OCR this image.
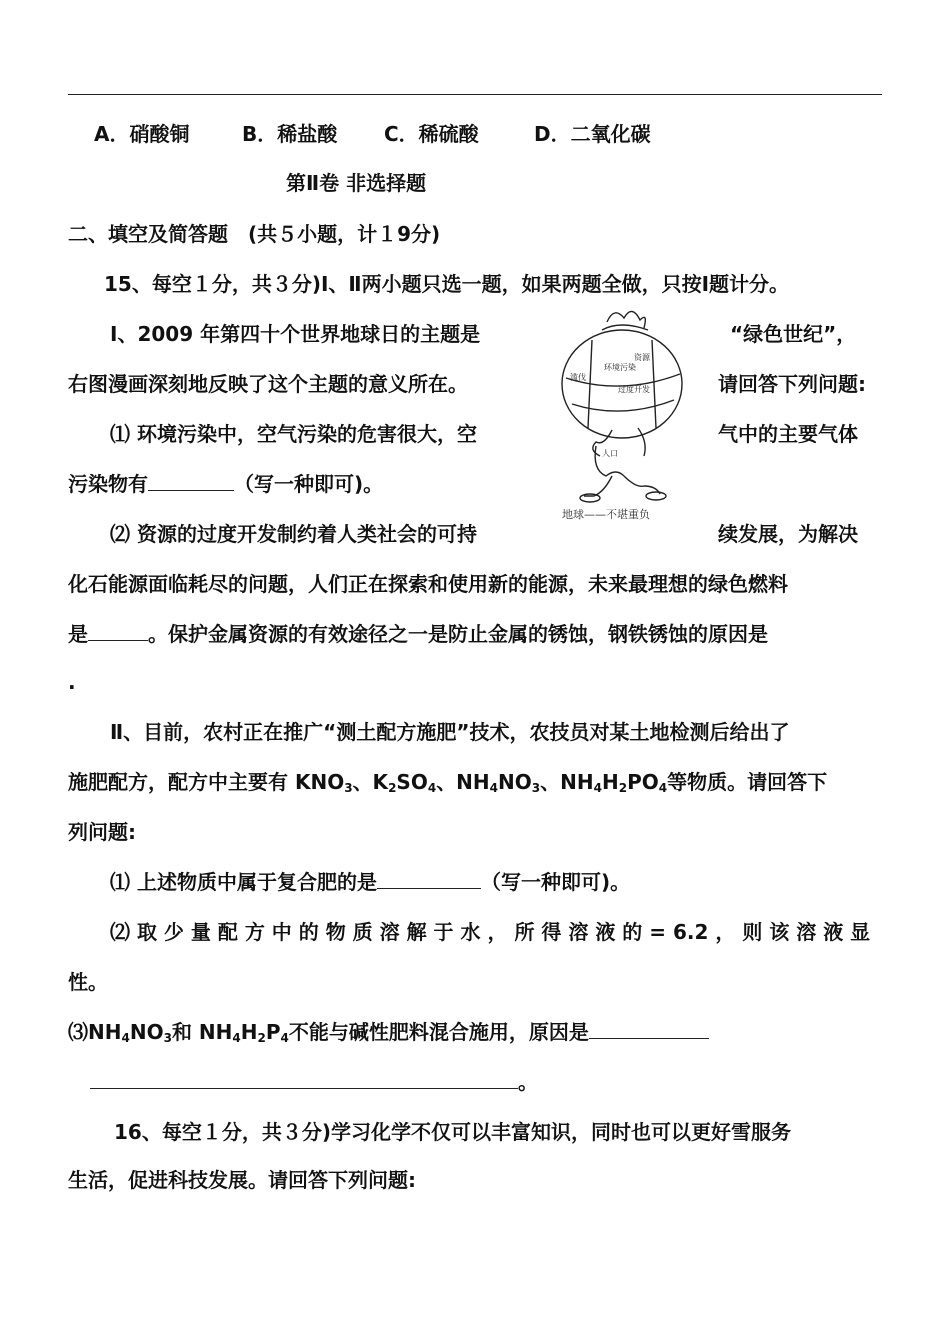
A．硝酸铜	B．稀盐酸 C．稀硫酸	D．二氧化碳
第Ⅱ卷 非选择题
二、填空及简答题　(共５小题，计１9分)
15、每空１分，共３分)Ⅰ、Ⅱ两小题只选一题，如果两题全做，只按Ⅰ题计分。
Ⅰ、2009 年第四十个世界地球日的主题是	“绿色世纪”，
右图漫画深刻地反映了这个主题的意义所在。	请回答下列问题:
⑴ 环境污染中，空气污染的危害很大，空	气中的主要气体
污染物有	（写一种即可)。
⑵ 资源的过度开发制约着人类社会的可持	续发展，为解决
化石能源面临耗尽的问题，人们正在探索和使用新的能源，未来最理想的绿色燃料
是	。保护金属资源的有效途径之一是防止金属的锈蚀，钢铁锈蚀的原因是
.
环境污染
资源
过度开发
滥伐
人口
地球——不堪重负
Ⅱ、目前，农村正在推广“测土配方施肥”技术，农技员对某土地检测后给出了
施肥配方，配方中主要有 $KNO_3$、$K_2SO_4$、$NH_4NO_3$、$NH_4H_2PO_4$等物质。请回答下
列问题:
⑴ 上述物质中属于复合肥的是	（写一种即可)。
⑵ 取 少 量 配 方 中 的 物 质 溶 解 于 水 ， 所 得 溶 液 的 = 6.2 ， 则 该 溶 液 显
性。
$⑶NH_4NO_3$和 $NH_4H_2P_4$不能与碱性肥料混合施用，原因是
。
16、每空１分，共３分)学习化学不仅可以丰富知识，同时也可以更好雪服务
生活，促进科技发展。请回答下列问题:
